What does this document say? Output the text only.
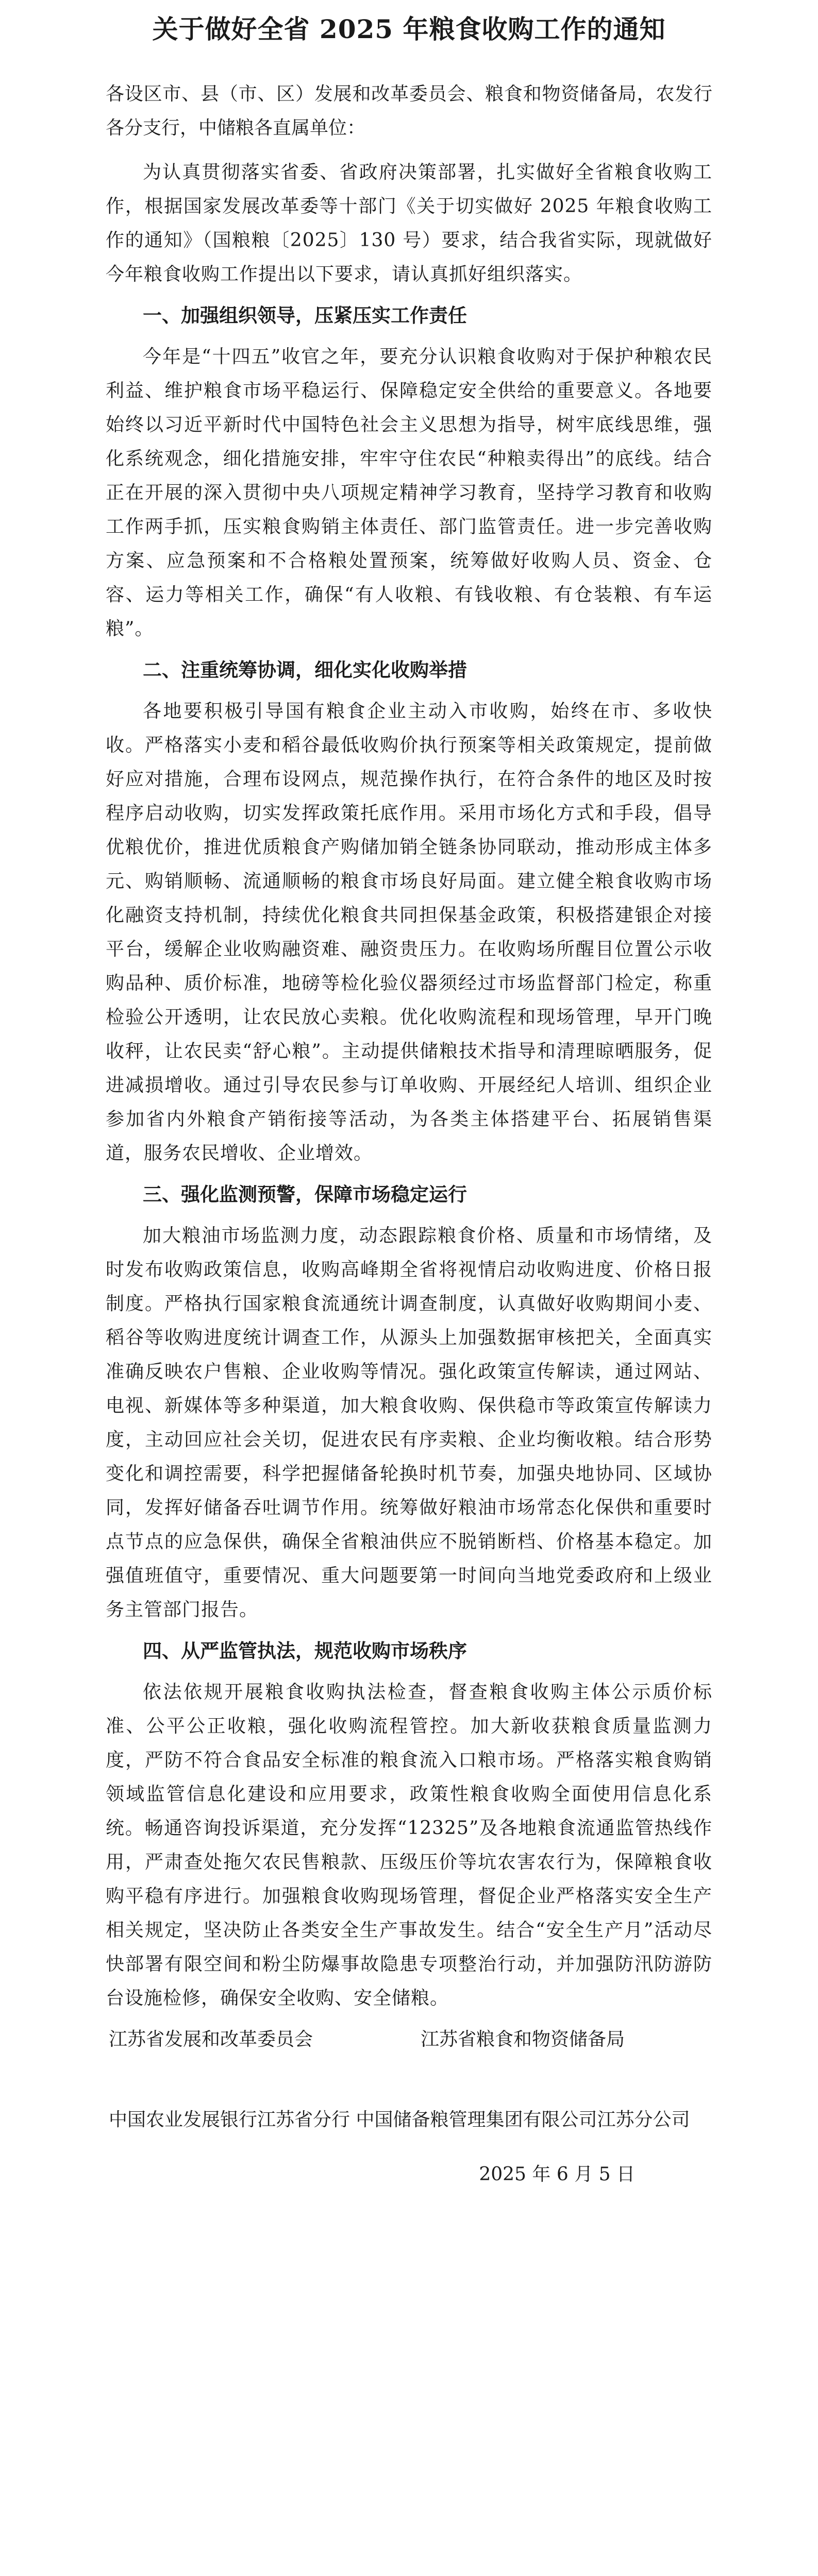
关于做好全省 2025 年粮食收购工作的通知
各设区市、县（市、区）发展和改革委员会、粮食和物资储备局，农发行各分支行，中储粮各直属单位：
为认真贯彻落实省委、省政府决策部署，扎实做好全省粮食收购工作，根据国家发展改革委等十部门《关于切实做好 2025 年粮食收购工作的通知》（国粮粮〔2025〕130 号）要求，结合我省实际，现就做好今年粮食收购工作提出以下要求，请认真抓好组织落实。
一、加强组织领导，压紧压实工作责任
今年是“十四五”收官之年，要充分认识粮食收购对于保护种粮农民利益、维护粮食市场平稳运行、保障稳定安全供给的重要意义。各地要始终以习近平新时代中国特色社会主义思想为指导，树牢底线思维，强化系统观念，细化措施安排，牢牢守住农民“种粮卖得出”的底线。结合正在开展的深入贯彻中央八项规定精神学习教育，坚持学习教育和收购工作两手抓，压实粮食购销主体责任、部门监管责任。进一步完善收购方案、应急预案和不合格粮处置预案，统筹做好收购人员、资金、仓容、运力等相关工作，确保“有人收粮、有钱收粮、有仓装粮、有车运粮”。
二、注重统筹协调，细化实化收购举措
各地要积极引导国有粮食企业主动入市收购，始终在市、多收快收。严格落实小麦和稻谷最低收购价执行预案等相关政策规定，提前做好应对措施，合理布设网点，规范操作执行，在符合条件的地区及时按程序启动收购，切实发挥政策托底作用。采用市场化方式和手段，倡导优粮优价，推进优质粮食产购储加销全链条协同联动，推动形成主体多元、购销顺畅、流通顺畅的粮食市场良好局面。建立健全粮食收购市场化融资支持机制，持续优化粮食共同担保基金政策，积极搭建银企对接平台，缓解企业收购融资难、融资贵压力。在收购场所醒目位置公示收购品种、质价标准，地磅等检化验仪器须经过市场监督部门检定，称重检验公开透明，让农民放心卖粮。优化收购流程和现场管理，早开门晚收秤，让农民卖“舒心粮”。主动提供储粮技术指导和清理晾晒服务，促进减损增收。通过引导农民参与订单收购、开展经纪人培训、组织企业参加省内外粮食产销衔接等活动，为各类主体搭建平台、拓展销售渠道，服务农民增收、企业增效。
三、强化监测预警，保障市场稳定运行
加大粮油市场监测力度，动态跟踪粮食价格、质量和市场情绪，及时发布收购政策信息，收购高峰期全省将视情启动收购进度、价格日报制度。严格执行国家粮食流通统计调查制度，认真做好收购期间小麦、稻谷等收购进度统计调查工作，从源头上加强数据审核把关，全面真实准确反映农户售粮、企业收购等情况。强化政策宣传解读，通过网站、电视、新媒体等多种渠道，加大粮食收购、保供稳市等政策宣传解读力度，主动回应社会关切，促进农民有序卖粮、企业均衡收粮。结合形势变化和调控需要，科学把握储备轮换时机节奏，加强央地协同、区域协同，发挥好储备吞吐调节作用。统筹做好粮油市场常态化保供和重要时点节点的应急保供，确保全省粮油供应不脱销断档、价格基本稳定。加强值班值守，重要情况、重大问题要第一时间向当地党委政府和上级业务主管部门报告。
四、从严监管执法，规范收购市场秩序
依法依规开展粮食收购执法检查，督查粮食收购主体公示质价标准、公平公正收粮，强化收购流程管控。加大新收获粮食质量监测力度，严防不符合食品安全标准的粮食流入口粮市场。严格落实粮食购销领域监管信息化建设和应用要求，政策性粮食收购全面使用信息化系统。畅通咨询投诉渠道，充分发挥“12325”及各地粮食流通监管热线作用，严肃查处拖欠农民售粮款、压级压价等坑农害农行为，保障粮食收购平稳有序进行。加强粮食收购现场管理，督促企业严格落实安全生产相关规定，坚决防止各类安全生产事故发生。结合“安全生产月”活动尽快部署有限空间和粉尘防爆事故隐患专项整治行动，并加强防汛防游防台设施检修，确保安全收购、安全储粮。
江苏省发展和改革委员会	江苏省粮食和物资储备局
中国农业发展银行江苏省分行 中国储备粮管理集团有限公司江苏分公司
2025 年 6 月 5 日
